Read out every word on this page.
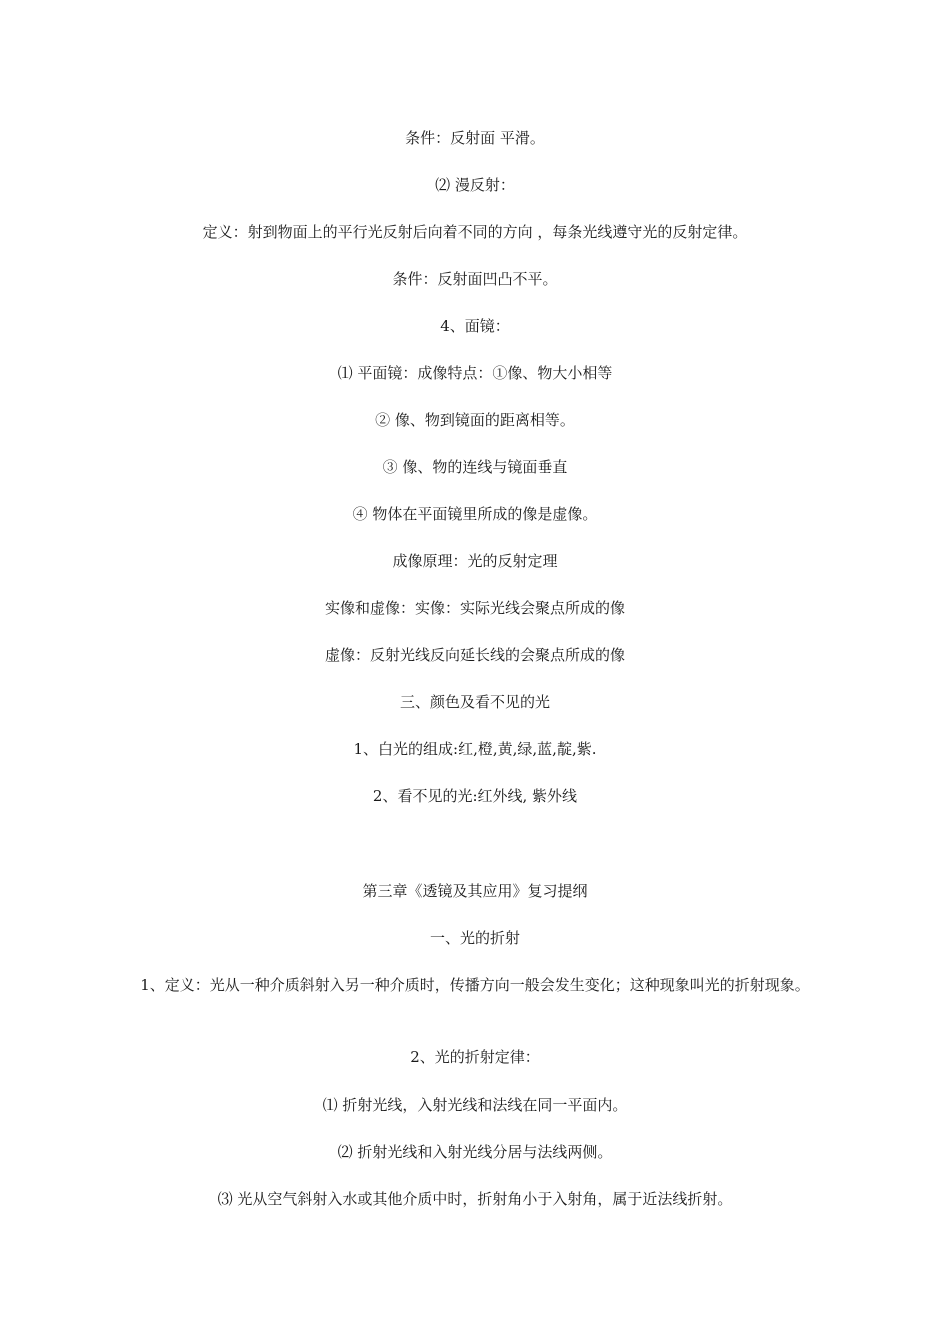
条件：反射面 平滑。
⑵ 漫反射：
定义：射到物面上的平行光反射后向着不同的方向 ，每条光线遵守光的反射定律。
条件：反射面凹凸不平。
4、面镜：
⑴ 平面镜：成像特点：①像、物大小相等
② 像、物到镜面的距离相等。
③ 像、物的连线与镜面垂直
④ 物体在平面镜里所成的像是虚像。
成像原理：光的反射定理
实像和虚像：实像：实际光线会聚点所成的像
虚像：反射光线反向延长线的会聚点所成的像
三、颜色及看不见的光
1、白光的组成:红,橙,黄,绿,蓝,靛,紫.
2、看不见的光:红外线, 紫外线
第三章《透镜及其应用》复习提纲
一、光的折射
1、定义：光从一种介质斜射入另一种介质时，传播方向一般会发生变化；这种现象叫光的折射现象。
2、光的折射定律：
⑴ 折射光线，入射光线和法线在同一平面内。
⑵ 折射光线和入射光线分居与法线两侧。
⑶ 光从空气斜射入水或其他介质中时，折射角小于入射角，属于近法线折射。
